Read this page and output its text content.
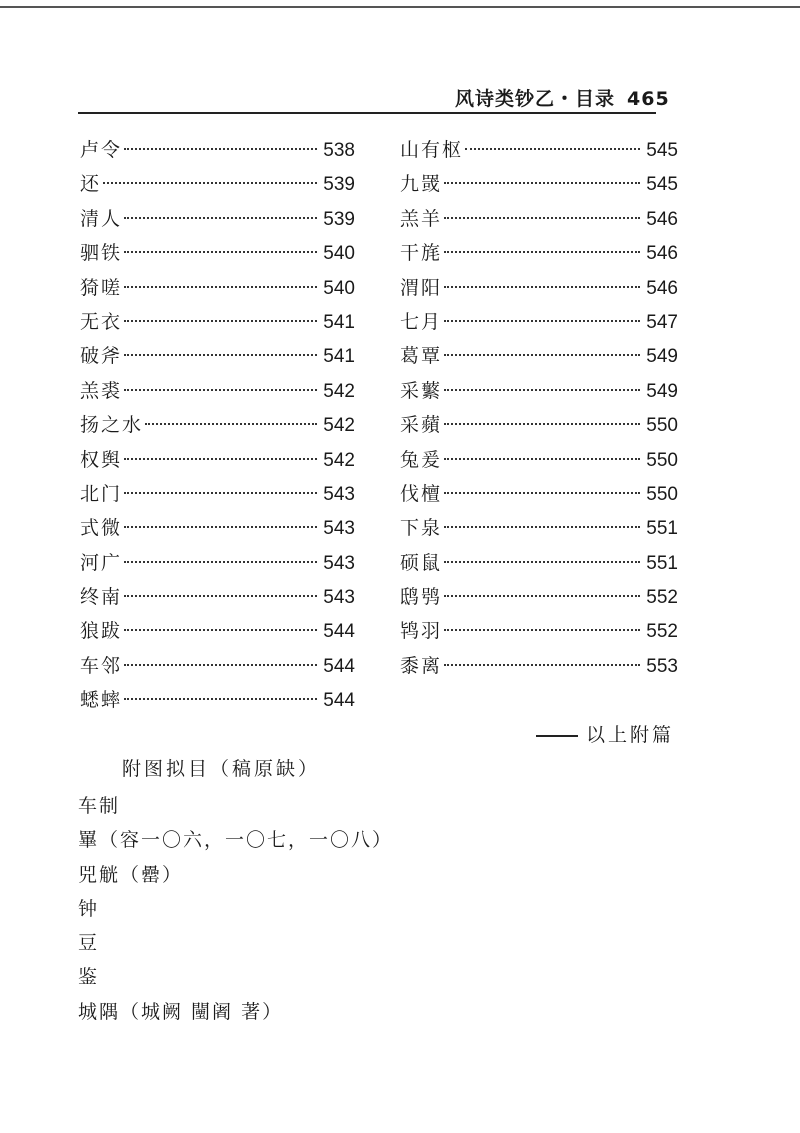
风诗类钞乙・目录 465
卢令	538
还	539
清人	539
驷铁	540
猗嗟	540
无衣	541
破斧	541
羔裘	542
扬之水	542
权舆	542
北门	543
式微	543
河广	543
终南	543
狼跋	544
车邻	544
蟋蟀	544
山有枢	545
九罭	545
羔羊	546
干旄	546
渭阳	546
七月	547
葛覃	549
采蘩	549
采蘋	550
兔爰	550
伐檀	550
下泉	551
硕鼠	551
鸱鸮	552
鸨羽	552
黍离	553
以上附篇
附图拟目（稿原缺）
车制
罼（容一〇六，一〇七，一〇八）
兕觥（罍）
钟
豆
鉴
城隅（城阙 闉阇 著）
